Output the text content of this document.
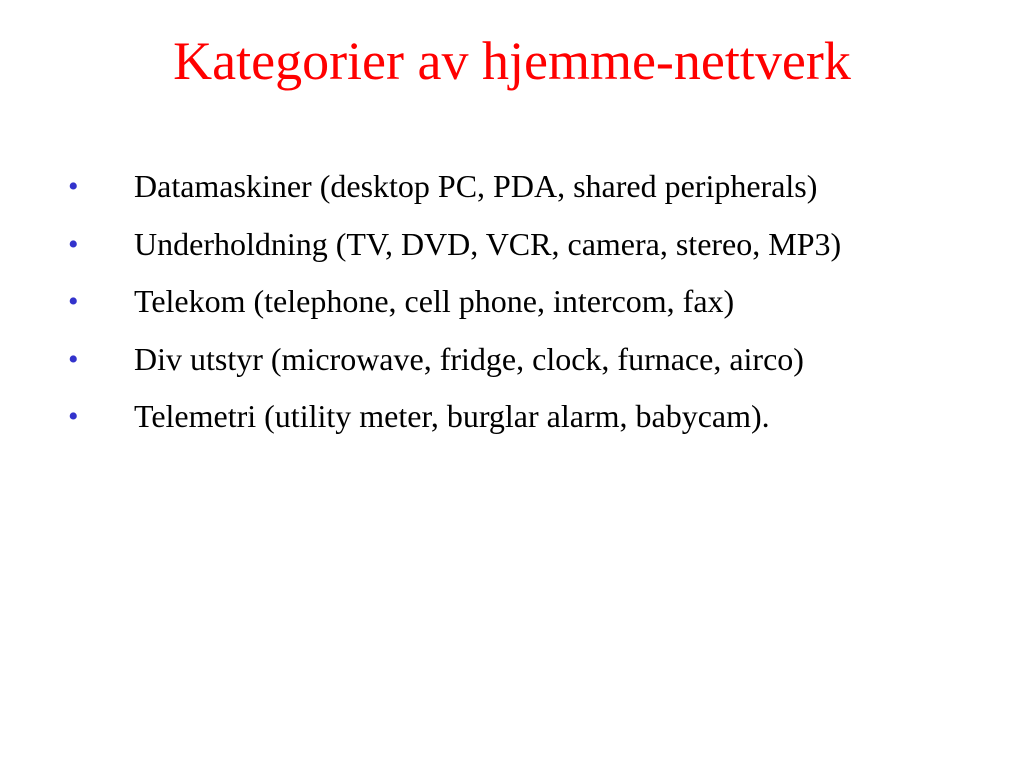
Kategorier av hjemme-nettverk
• Datamaskiner (desktop PC, PDA, shared peripherals)
• Underholdning (TV, DVD, VCR, camera, stereo, MP3)
• Telekom (telephone, cell phone, intercom, fax)
• Div utstyr (microwave, fridge, clock, furnace, airco)
• Telemetri (utility meter, burglar alarm, babycam).
